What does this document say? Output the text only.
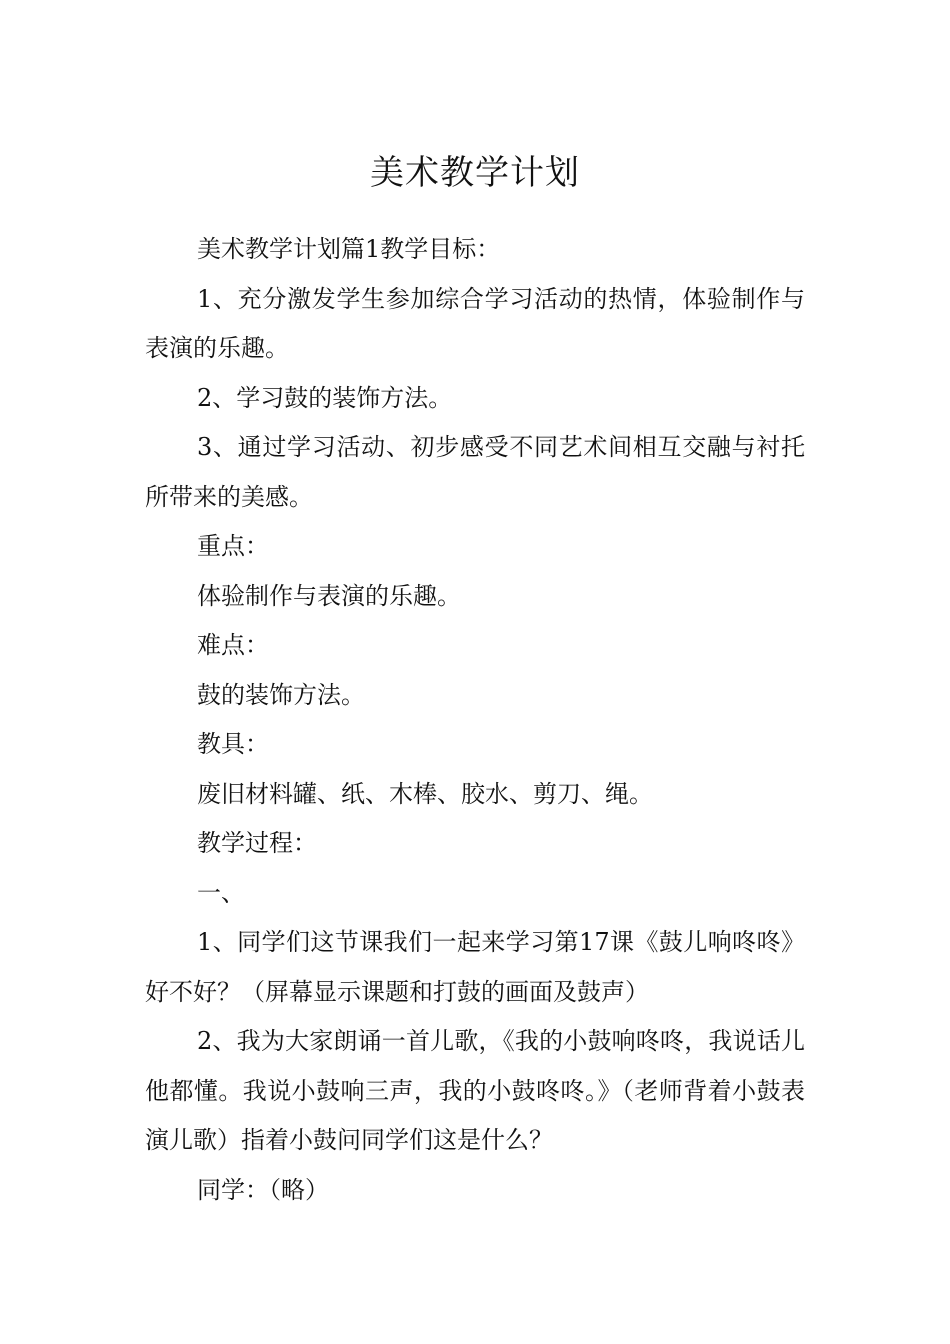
美术教学计划

美术教学计划篇1教学目标：

1、充分激发学生参加综合学习活动的热情，体验制作与表演的乐趣。

2、学习鼓的装饰方法。

3、通过学习活动、初步感受不同艺术间相互交融与衬托所带来的美感。

重点：

体验制作与表演的乐趣。

难点：

鼓的装饰方法。

教具：

废旧材料罐、纸、木棒、胶水、剪刀、绳。

教学过程：

一、

1、同学们这节课我们一起来学习第17课《鼓儿响咚咚》好不好？（屏幕显示课题和打鼓的画面及鼓声）

2、我为大家朗诵一首儿歌，《我的小鼓响咚咚，我说话儿他都懂。我说小鼓响三声，我的小鼓咚咚。》（老师背着小鼓表演儿歌）指着小鼓问同学们这是什么？

同学：（略）
